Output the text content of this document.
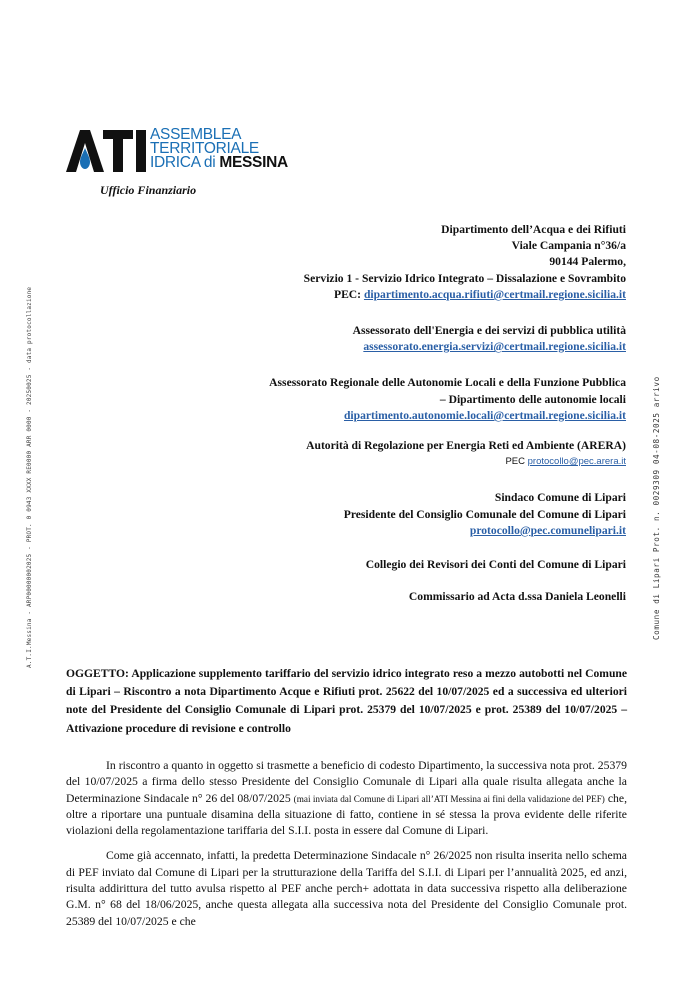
ASSEMBLEA
TERRITORIALE
IDRICA di MESSINA
Ufficio Finanziario
Dipartimento dell’Acqua e dei Rifiuti
Viale Campania n°36/a
90144 Palermo,
Servizio 1 - Servizio Idrico Integrato – Dissalazione e Sovrambito
PEC: dipartimento.acqua.rifiuti@certmail.regione.sicilia.it
Assessorato dell'Energia e dei servizi di pubblica utilità
assessorato.energia.servizi@certmail.regione.sicilia.it
Assessorato Regionale delle Autonomie Locali e della Funzione Pubblica
– Dipartimento delle autonomie locali
dipartimento.autonomie.locali@certmail.regione.sicilia.it
Autorità di Regolazione per Energia Reti ed Ambiente (ARERA)
PEC protocollo@pec.arera.it
Sindaco Comune di Lipari
Presidente del Consiglio Comunale del Comune di Lipari
protocollo@pec.comunelipari.it
Collegio dei Revisori dei Conti del Comune di Lipari
Commissario ad Acta d.ssa Daniela Leonelli
A.T.I.Messina - ARP00000002025 - PROT. 0 0943 XXXX RE0000 ARR 0000 - 20250025 - data protocollazione	Comune di Lipari Prot. n. 0029309 04-08-2025 arrivo
OGGETTO: Applicazione supplemento tariffario del servizio idrico integrato reso a mezzo autobotti nel Comune di Lipari – Riscontro a nota Dipartimento Acque e Rifiuti prot. 25622 del 10/07/2025 ed a successiva ed ulteriori note del Presidente del Consiglio Comunale di Lipari prot. 25379 del 10/07/2025 e prot. 25389 del 10/07/2025 – Attivazione procedure di revisione e controllo

In riscontro a quanto in oggetto si trasmette a beneficio di codesto Dipartimento, la successiva nota prot. 25379 del 10/07/2025 a firma dello stesso Presidente del Consiglio Comunale di Lipari alla quale risulta allegata anche la Determinazione Sindacale n° 26 del 08/07/2025 (mai inviata dal Comune di Lipari all’ATI Messina ai fini della validazione del PEF) che, oltre a riportare una puntuale disamina della situazione di fatto, contiene in sé stessa la prova evidente delle riferite violazioni della regolamentazione tariffaria del S.I.I. posta in essere dal Comune di Lipari.

Come già accennato, infatti, la predetta Determinazione Sindacale n° 26/2025 non risulta inserita nello schema di PEF inviato dal Comune di Lipari per la strutturazione della Tariffa del S.I.I. di Lipari per l’annualità 2025, ed anzi, risulta addirittura del tutto avulsa rispetto al PEF anche perch+ adottata in data successiva rispetto alla deliberazione G.M. n° 68 del 18/06/2025, anche questa allegata alla successiva nota del Presidente del Consiglio Comunale prot. 25389 del 10/07/2025 e che
